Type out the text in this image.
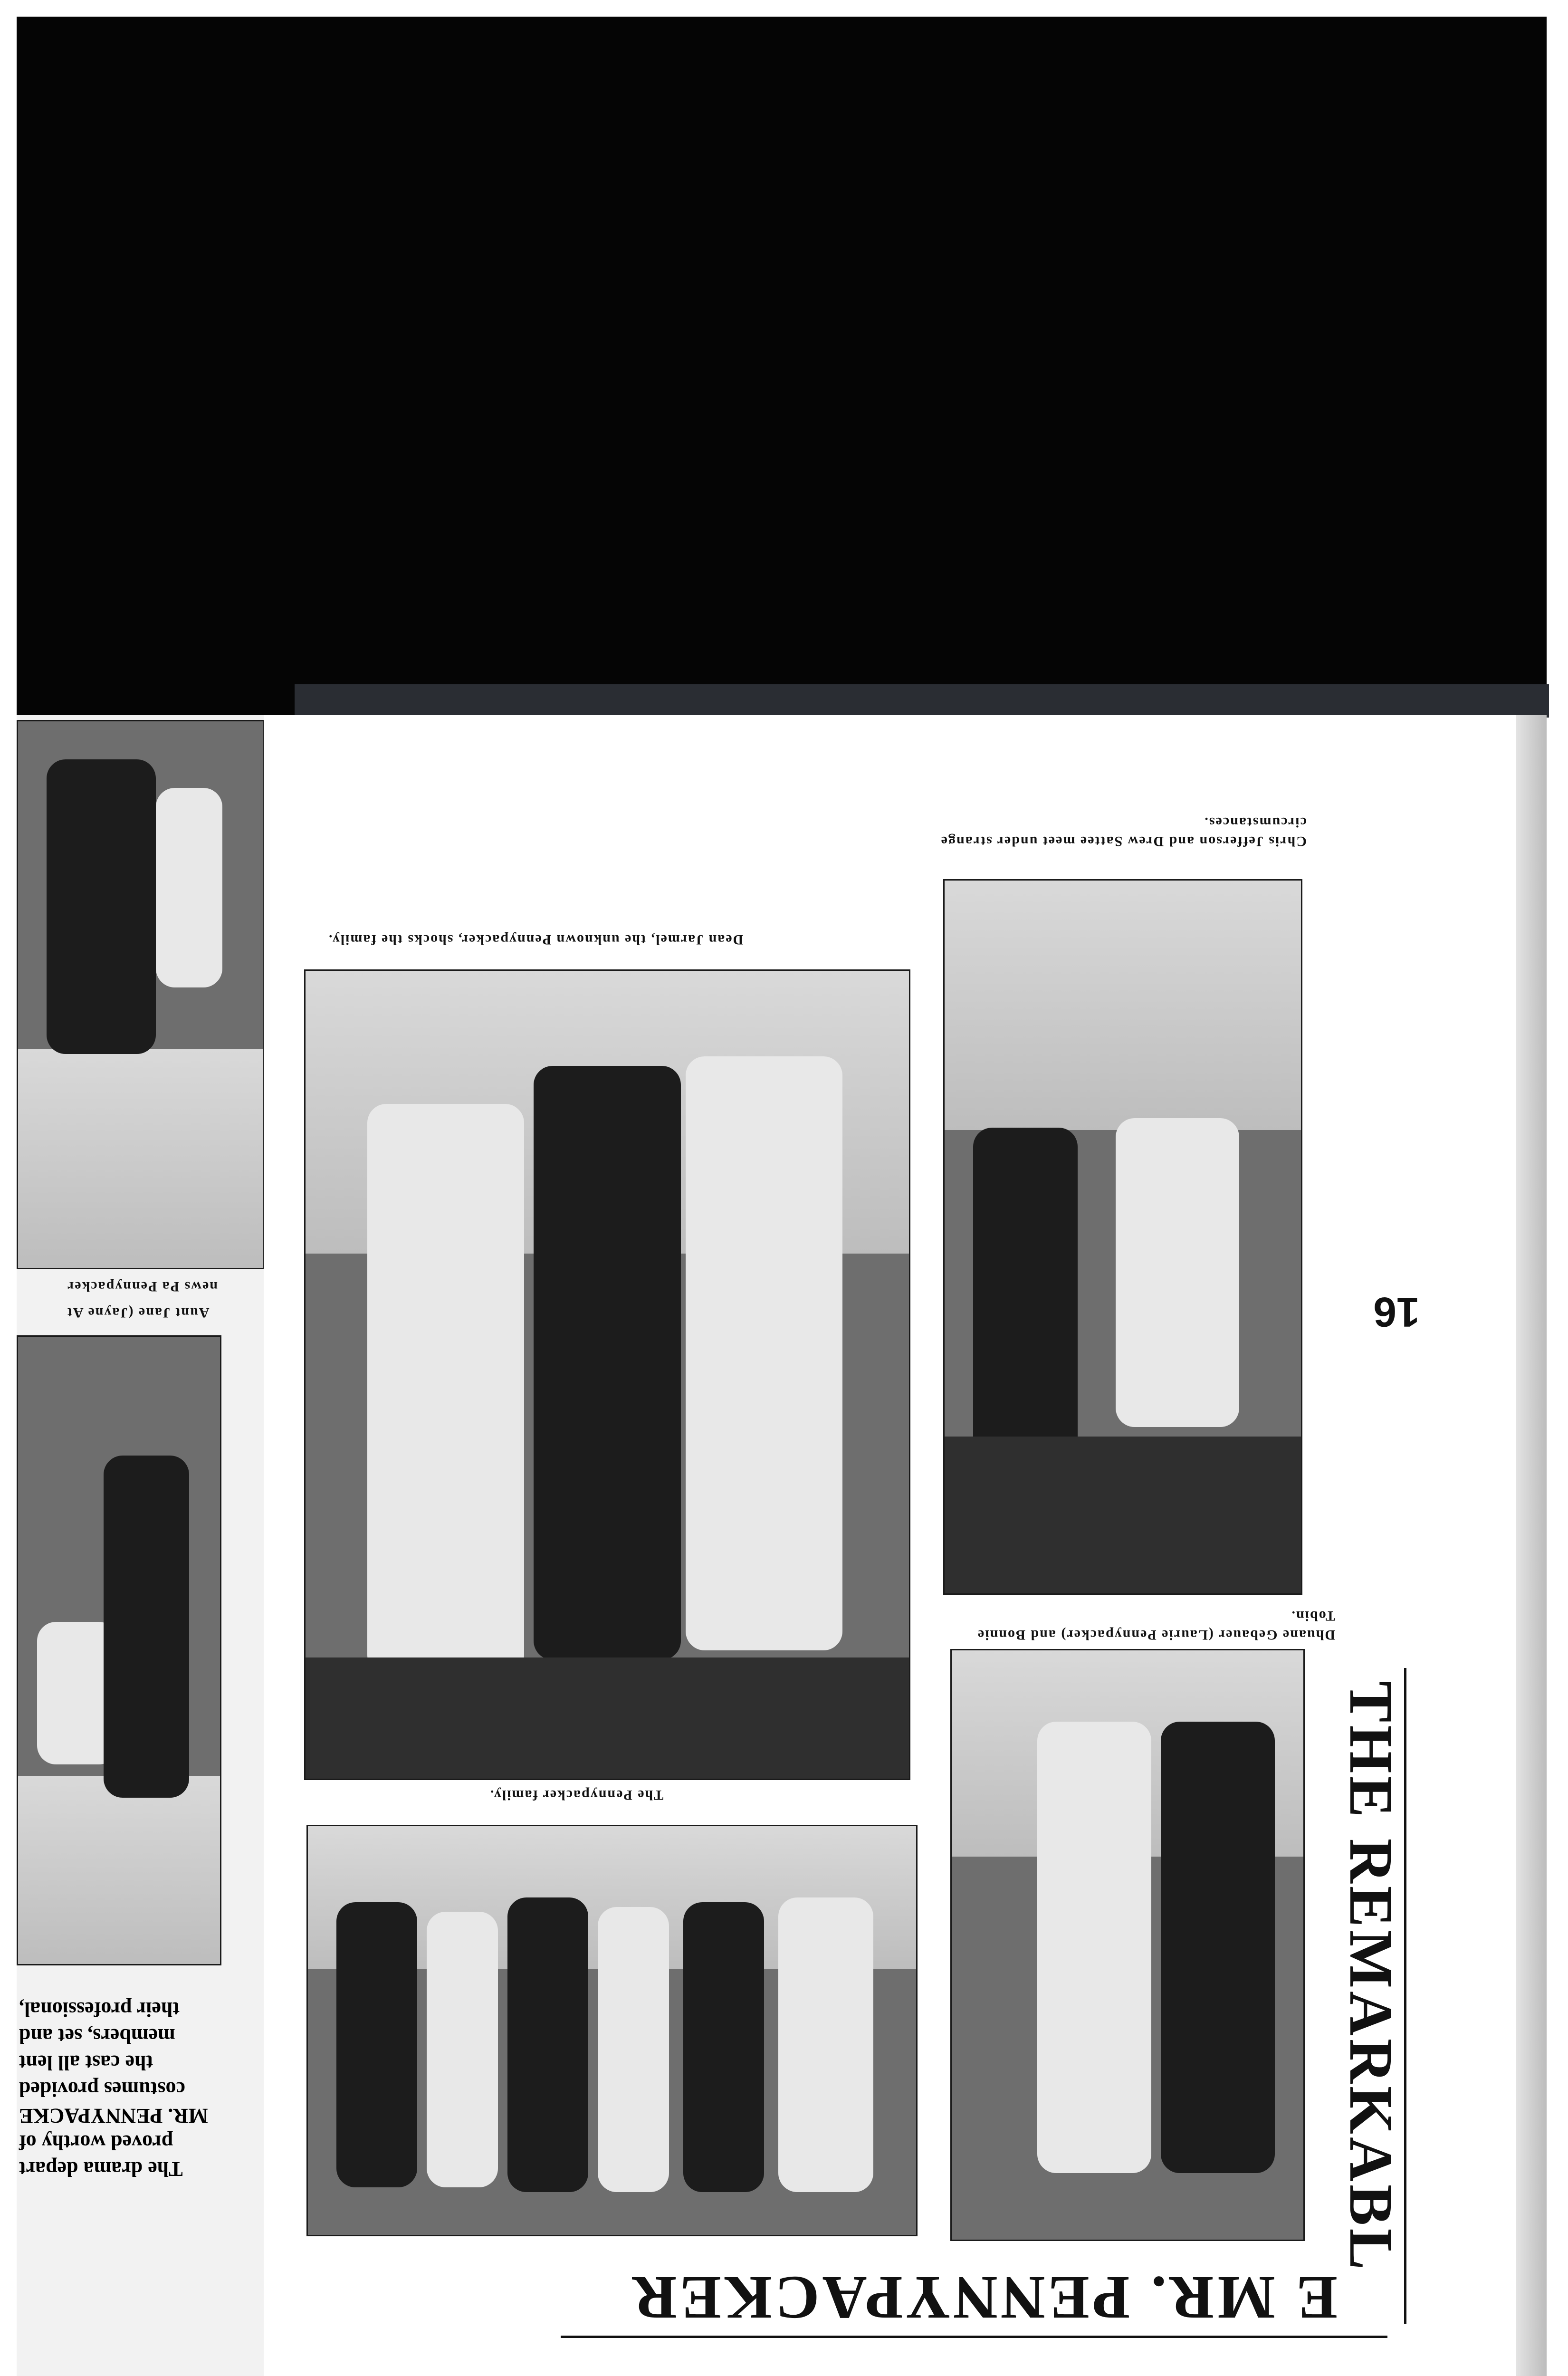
Aunt Jane (Jayne At
news Pa Pennypacker
their professional,
members, set and
the cast all lent
costumes provided
MR. PENNYPACKE
proved worthy of
The drama depart
Chris Jefferson and Drew Sattee meet under strange circumstances.
16
Dean Jarmel, the unknown Pennypacker, shocks the family.
Dhuane Gebauer (Laurie Pennypacker) and Bonnie Tobin.
The Pennypacker family.	THE REMARKABL
E MR. PENNYPACKER
